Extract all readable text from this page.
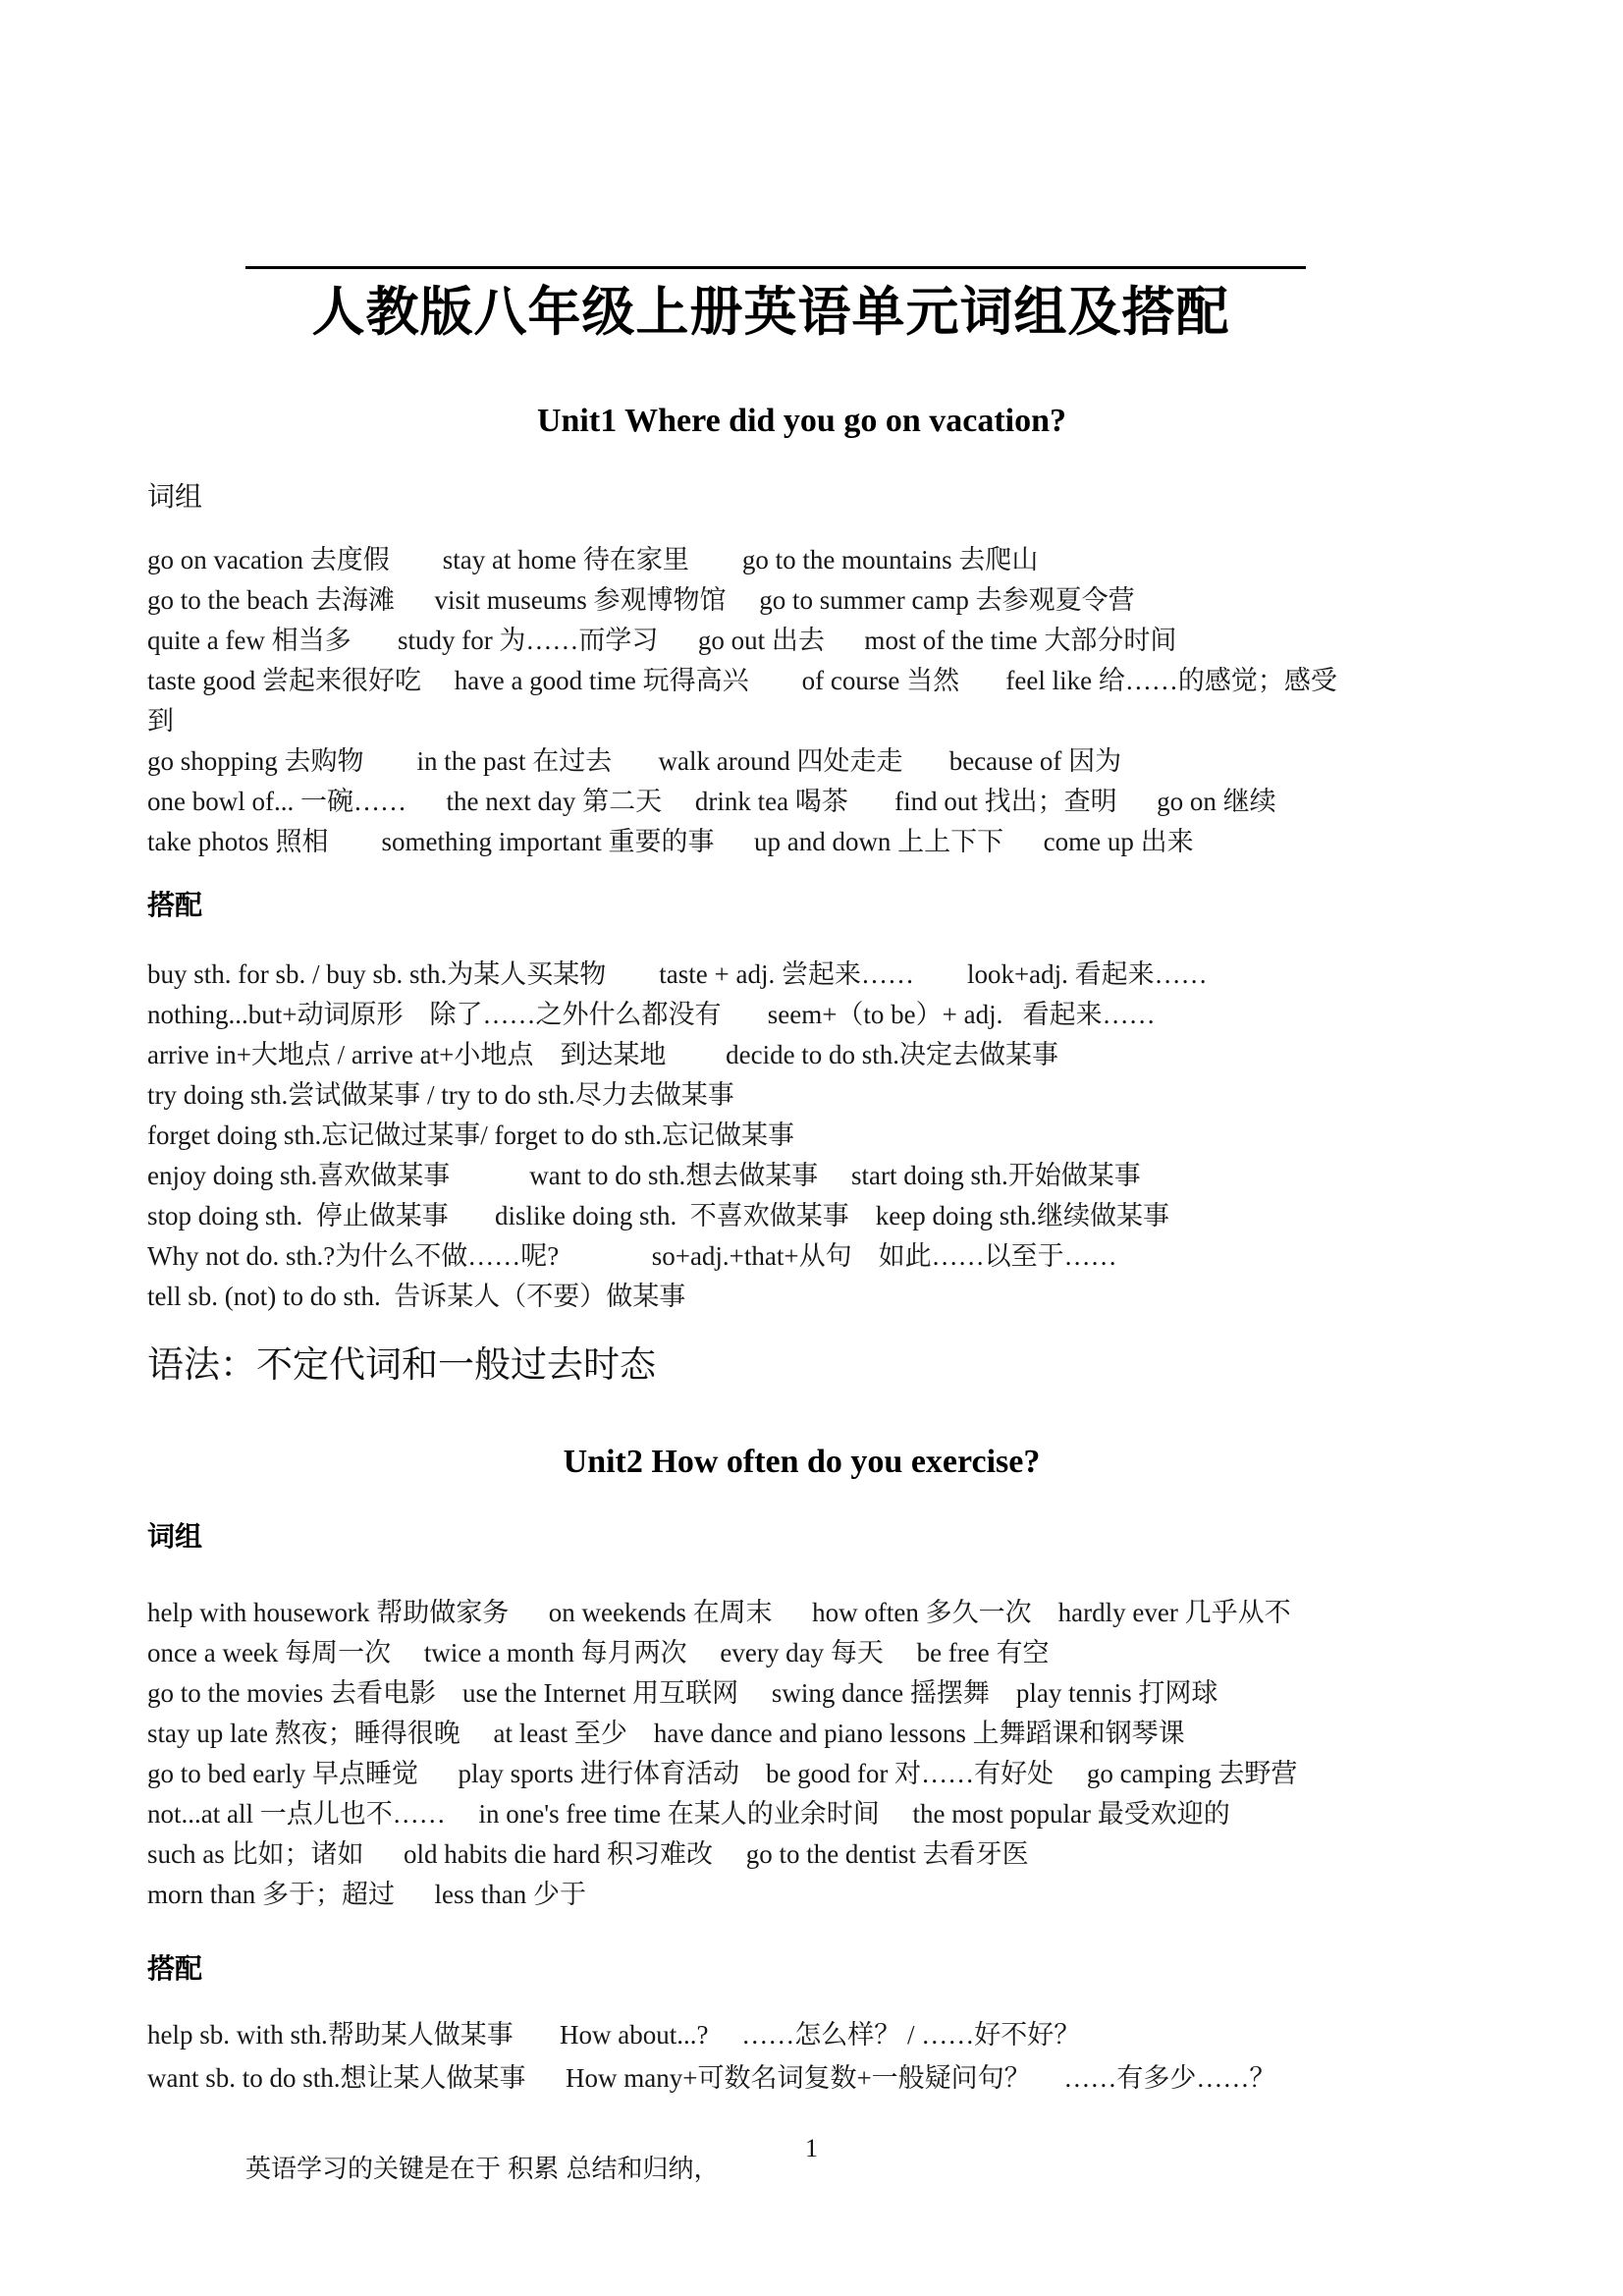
人教版八年级上册英语单元词组及搭配
Unit1 Where did you go on vacation?
词组
go on vacation 去度假        stay at home 待在家里        go to the mountains 去爬山
go to the beach 去海滩      visit museums 参观博物馆     go to summer camp 去参观夏令营
quite a few 相当多       study for 为……而学习      go out 出去      most of the time 大部分时间
taste good 尝起来很好吃     have a good time 玩得高兴        of course 当然       feel like 给……的感觉；感受
到
go shopping 去购物        in the past 在过去       walk around 四处走走       because of 因为
one bowl of... 一碗……      the next day 第二天     drink tea 喝茶       find out 找出；查明      go on 继续
take photos 照相        something important 重要的事      up and down 上上下下      come up 出来
搭配
buy sth. for sb. / buy sb. sth.为某人买某物        taste + adj. 尝起来……        look+adj. 看起来……
nothing...but+动词原形    除了……之外什么都没有       seem+（to be）+ adj.   看起来……
arrive in+大地点 / arrive at+小地点    到达某地         decide to do sth.决定去做某事
try doing sth.尝试做某事 / try to do sth.尽力去做某事
forget doing sth.忘记做过某事/ forget to do sth.忘记做某事
enjoy doing sth.喜欢做某事            want to do sth.想去做某事     start doing sth.开始做某事
stop doing sth.  停止做某事       dislike doing sth.  不喜欢做某事    keep doing sth.继续做某事
Why not do. sth.?为什么不做……呢?              so+adj.+that+从句    如此……以至于……
tell sb. (not) to do sth.  告诉某人（不要）做某事
语法：不定代词和一般过去时态
Unit2 How often do you exercise?
词组
help with housework 帮助做家务      on weekends 在周末      how often 多久一次    hardly ever 几乎从不
once a week 每周一次     twice a month 每月两次     every day 每天     be free 有空
go to the movies 去看电影    use the Internet 用互联网     swing dance 摇摆舞    play tennis 打网球
stay up late 熬夜；睡得很晚     at least 至少    have dance and piano lessons 上舞蹈课和钢琴课
go to bed early 早点睡觉      play sports 进行体育活动    be good for 对……有好处     go camping 去野营
not...at all 一点儿也不……     in one's free time 在某人的业余时间     the most popular 最受欢迎的
such as 比如；诸如      old habits die hard 积习难改     go to the dentist 去看牙医
morn than 多于；超过      less than 少于
搭配
help sb. with sth.帮助某人做某事       How about...?     ……怎么样？ / ……好不好？
want sb. to do sth.想让某人做某事      How many+可数名词复数+一般疑问句？     ……有多少……？
英语学习的关键是在于 积累 总结和归纳，
1
